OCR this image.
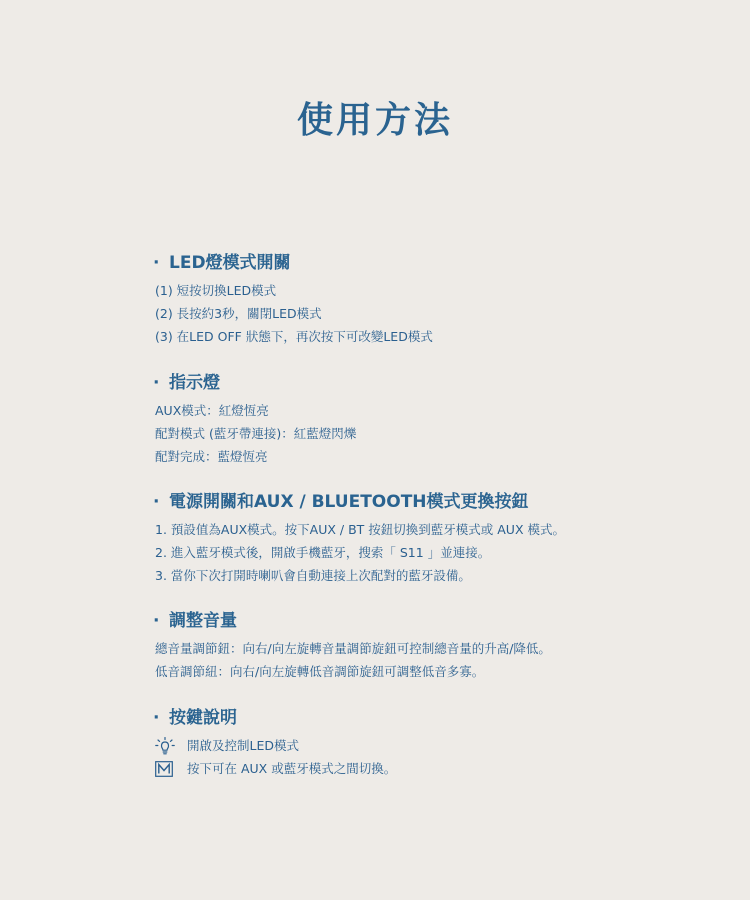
使用方法
· LED燈模式開關
(1) 短按切換LED模式
(2) 長按約3秒，關閉LED模式
(3) 在LED OFF 狀態下，再次按下可改變LED模式
· 指示燈
AUX模式：紅燈恆亮
配對模式 (藍牙帶連接)：紅藍燈閃爍
配對完成：藍燈恆亮
· 電源開關和AUX / BLUETOOTH模式更換按鈕
1. 預設值為AUX模式。按下AUX / BT 按鈕切換到藍牙模式或 AUX 模式。
2. 進入藍牙模式後，開啟手機藍牙，搜索「 S11 」並連接。
3. 當你下次打開時喇叭會自動連接上次配對的藍牙設備。
· 調整音量
總音量調節鈕：向右/向左旋轉音量調節旋鈕可控制總音量的升高/降低。
低音調節紐：向右/向左旋轉低音調節旋鈕可調整低音多寡。
· 按鍵說明
開啟及控制LED模式
按下可在 AUX 或藍牙模式之間切換。
